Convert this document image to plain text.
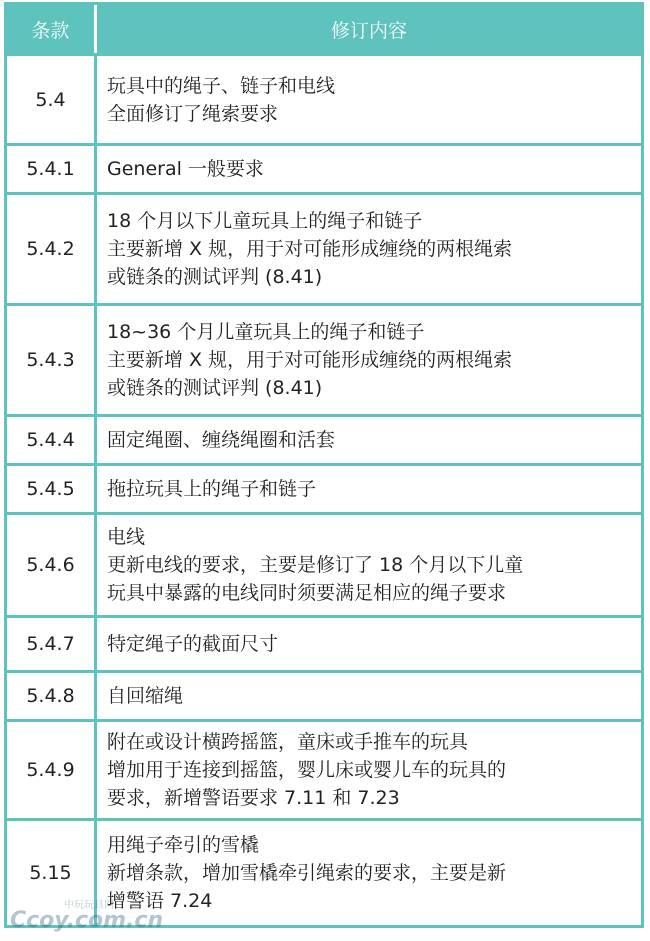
条款	修订内容
5.4	玩具中的绳子、链子和电线
全面修订了绳索要求

5.4.1	General 一般要求

5.4.2	18 个月以下儿童玩具上的绳子和链子
主要新增 X 规，用于对可能形成缠绕的两根绳索
或链条的测试评判 (8.41)

5.4.3	18~36 个月儿童玩具上的绳子和链子
主要新增 X 规，用于对可能形成缠绕的两根绳索
或链条的测试评判 (8.41)

5.4.4	固定绳圈、缠绕绳圈和活套

5.4.5	拖拉玩具上的绳子和链子

5.4.6	电线
更新电线的要求，主要是修订了 18 个月以下儿童
玩具中暴露的电线同时须要满足相应的绳子要求

5.4.7	特定绳子的截面尺寸

5.4.8	自回缩绳

5.4.9	附在或设计横跨摇篮，童床或手推车的玩具
增加用于连接到摇篮，婴儿床或婴儿车的玩具的
要求，新增警语要求 7.11 和 7.23

5.15	用绳子牵引的雪橇
新增条款，增加雪橇牵引绳索的要求，主要是新
增警语 7.24
Ccoy.com.cn
中玩玩具网
